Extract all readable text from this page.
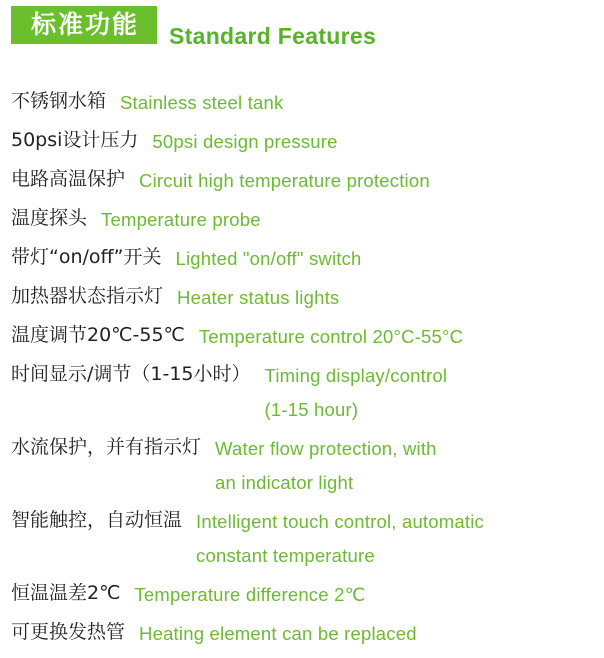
标准功能	Standard Features
不锈钢水箱 Stainless steel tank
50psi设计压力 50psi design pressure
电路高温保护 Circuit high temperature protection
温度探头 Temperature probe
带灯“on/off”开关 Lighted "on/off" switch
加热器状态指示灯 Heater status lights
温度调节20℃-55℃ Temperature control 20°C-55°C
时间显示/调节（1-15小时） Timing display/control
(1-15 hour)
水流保护，并有指示灯 Water flow protection, with
an indicator light
智能触控，自动恒温 Intelligent touch control, automatic
constant temperature
恒温温差2℃ Temperature difference 2℃
可更换发热管 Heating element can be replaced
